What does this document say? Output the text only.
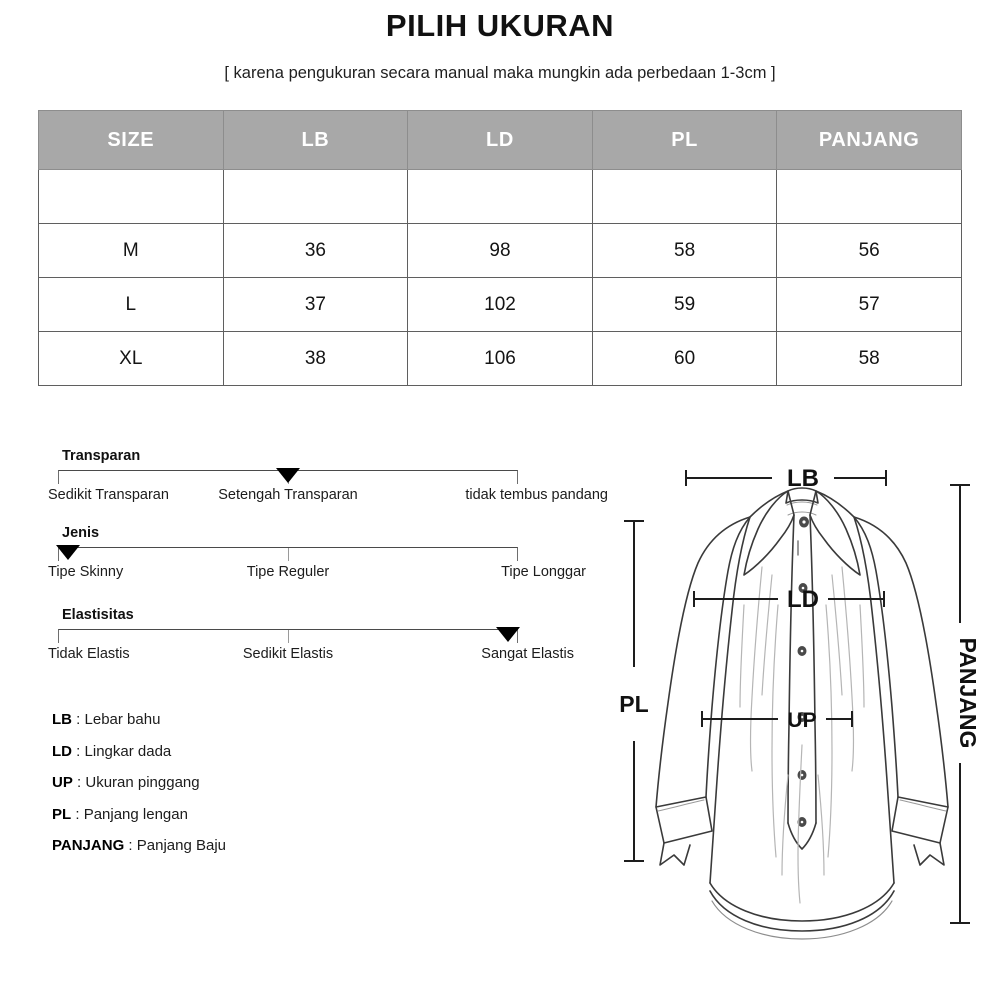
PILIH UKURAN
[ karena pengukuran secara manual maka mungkin ada perbedaan 1-3cm ]
SIZE	LB	LD	PL	PANJANG

M	36	98	58	56
L	37	102	59	57
XL	38	106	60	58
Transparan
Sedikit Transparan	Setengah Transparan	tidak tembus pandang
Jenis
Tipe Skinny	Tipe Reguler	Tipe Longgar
Elastisitas
Tidak Elastis	Sedikit Elastis	Sangat Elastis
LB : Lebar bahu
LD : Lingkar dada
UP : Ukuran pinggang
PL : Panjang lengan
PANJANG : Panjang Baju
LB
LD
UP
PL	PANJANG
